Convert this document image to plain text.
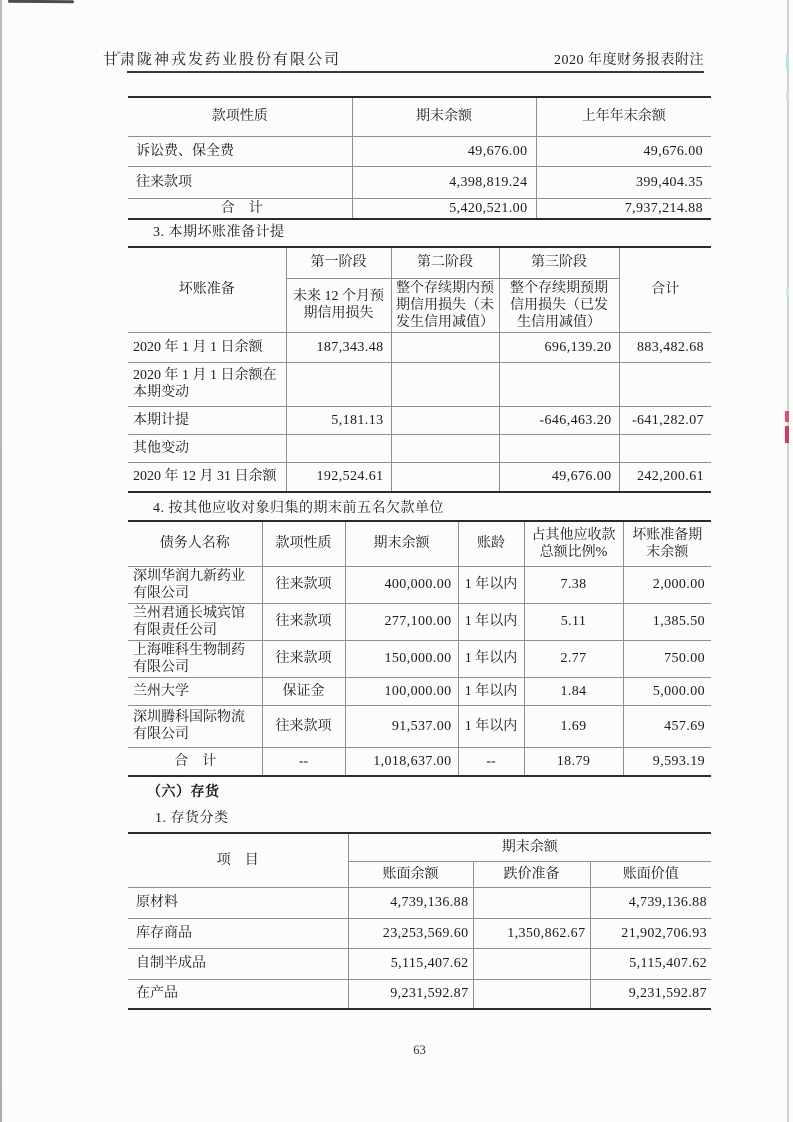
甘肃陇神戎发药业股份有限公司	2020 年度财务报表附注
款项性质	期末余额	上年年末余额
诉讼费、保全费	49,676.00	49,676.00
往来款项	4,398,819.24	399,404.35
合　计	5,420,521.00	7,937,214.88
3. 本期坏账准备计提
坏账准备	第一阶段	第二阶段	第三阶段	合计
	未来 12 个月预期信用损失	整个存续期内预期信用损失（未发生信用减值）	整个存续期预期信用损失（已发生信用减值）	
2020 年 1 月 1 日余额	187,343.48		696,139.20	883,482.68
2020 年 1 月 1 日余额在本期变动				
本期计提	5,181.13		-646,463.20	-641,282.07
其他变动				
2020 年 12 月 31 日余额	192,524.61		49,676.00	242,200.61
4. 按其他应收对象归集的期末前五名欠款单位
债务人名称	款项性质	期末余额	账龄	占其他应收款总额比例%	坏账准备期末余额
深圳华润九新药业有限公司	往来款项	400,000.00	1 年以内	7.38	2,000.00
兰州君通长城宾馆有限责任公司	往来款项	277,100.00	1 年以内	5.11	1,385.50
上海唯科生物制药有限公司	往来款项	150,000.00	1 年以内	2.77	750.00
兰州大学	保证金	100,000.00	1 年以内	1.84	5,000.00
深圳腾科国际物流有限公司	往来款项	91,537.00	1 年以内	1.69	457.69
合　计	--	1,018,637.00	--	18.79	9,593.19
（六）存货
1. 存货分类
项　目	期末余额		
	账面余额	跌价准备	账面价值
原材料	4,739,136.88		4,739,136.88
库存商品	23,253,569.60	1,350,862.67	21,902,706.93
自制半成品	5,115,407.62		5,115,407.62
在产品	9,231,592.87		9,231,592.87
63
